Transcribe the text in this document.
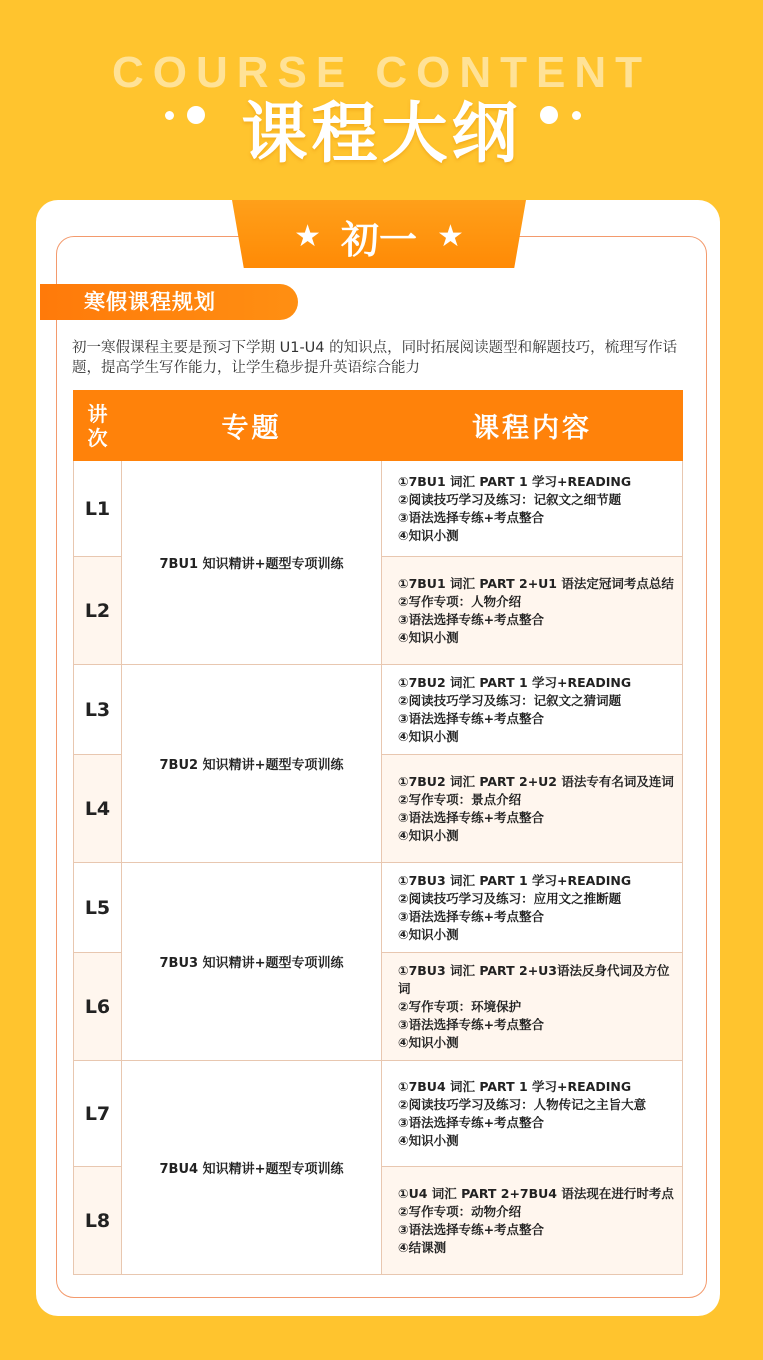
COURSE CONTENT
课程大纲
★ 初一 ★
寒假课程规划
初一寒假课程主要是预习下学期 U1-U4 的知识点，同时拓展阅读题型和解题技巧，梳理写作话题，提高学生写作能力，让学生稳步提升英语综合能力
讲
次	专题	课程内容
L1	7BU1 知识精讲+题型专项训练	①7BU1 词汇 PART 1 学习+READING
②阅读技巧学习及练习：记叙文之细节题
③语法选择专练+考点整合
④知识小测

L2		①7BU1 词汇 PART 2+U1 语法定冠词考点总结
②写作专项：人物介绍
③语法选择专练+考点整合
④知识小测

L3	7BU2 知识精讲+题型专项训练	①7BU2 词汇 PART 1 学习+READING
②阅读技巧学习及练习：记叙文之猜词题
③语法选择专练+考点整合
④知识小测

L4		①7BU2 词汇 PART 2+U2 语法专有名词及连词
②写作专项：景点介绍
③语法选择专练+考点整合
④知识小测

L5	7BU3 知识精讲+题型专项训练	①7BU3 词汇 PART 1 学习+READING
②阅读技巧学习及练习：应用文之推断题
③语法选择专练+考点整合
④知识小测

L6		①7BU3 词汇 PART 2+U3语法反身代词及方位词
②写作专项：环境保护
③语法选择专练+考点整合
④知识小测

L7	7BU4 知识精讲+题型专项训练	①7BU4 词汇 PART 1 学习+READING
②阅读技巧学习及练习：人物传记之主旨大意
③语法选择专练+考点整合
④知识小测

L8		①U4 词汇 PART 2+7BU4 语法现在进行时考点
②写作专项：动物介绍
③语法选择专练+考点整合
④结课测
